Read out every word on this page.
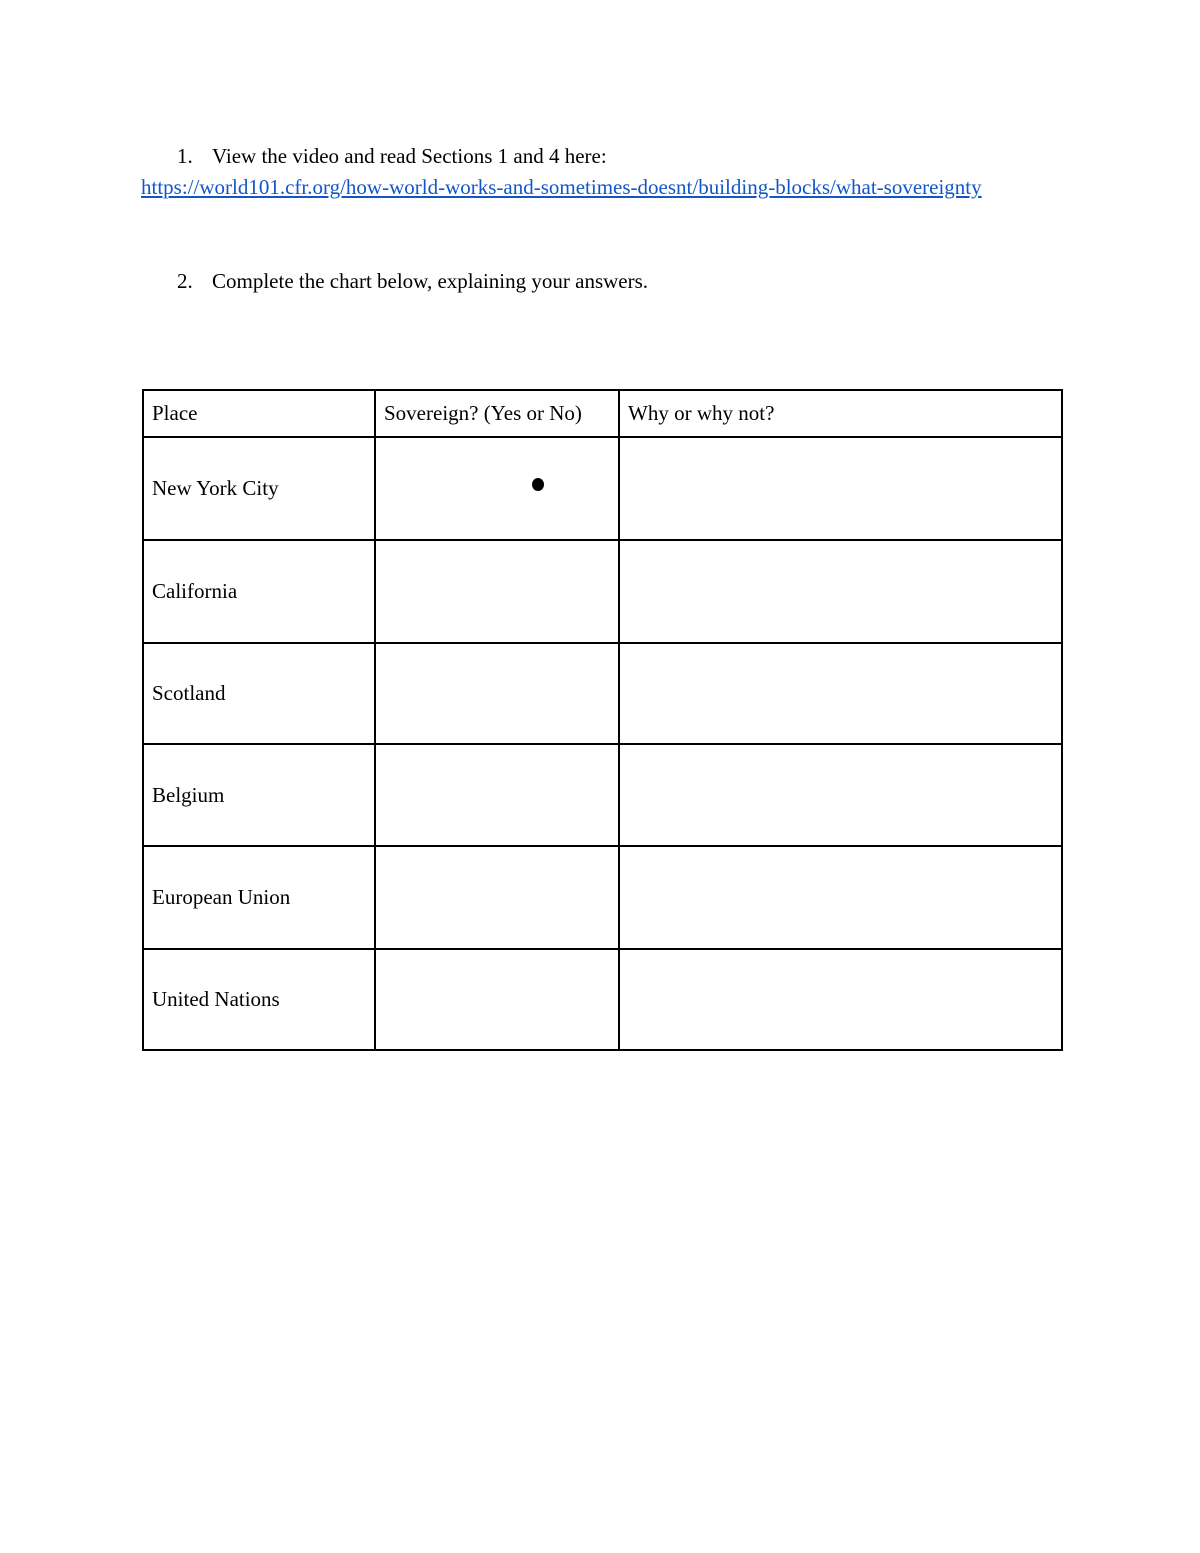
1. View the video and read Sections 1 and 4 here:
https://world101.cfr.org/how-world-works-and-sometimes-doesnt/building-blocks/what-sovereignty
2. Complete the chart below, explaining your answers.
Place	Sovereign? (Yes or No)	Why or why not?
New York City	

California		
Scotland		
Belgium		
European Union		
United Nations		
